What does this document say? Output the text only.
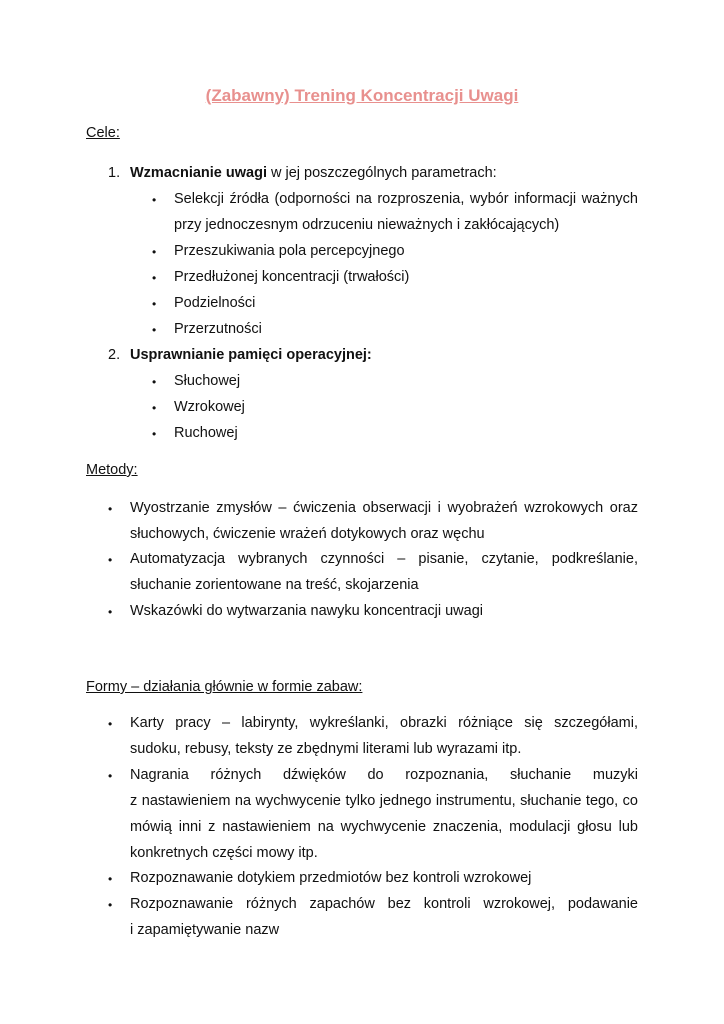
(Zabawny) Trening Koncentracji Uwagi
Cele:
1. Wzmacnianie uwagi w jej poszczególnych parametrach:
• Selekcji źródła (odporności na rozproszenia, wybór informacji ważnych
przy jednoczesnym odrzuceniu nieważnych i zakłócających)
• Przeszukiwania pola percepcyjnego
• Przedłużonej koncentracji (trwałości)
• Podzielności
• Przerzutności
2. Usprawnianie pamięci operacyjnej:
• Słuchowej
• Wzrokowej
• Ruchowej
Metody:
• Wyostrzanie zmysłów – ćwiczenia obserwacji i wyobrażeń wzrokowych oraz
słuchowych, ćwiczenie wrażeń dotykowych oraz węchu
• Automatyzacja wybranych czynności – pisanie, czytanie, podkreślanie,
słuchanie zorientowane na treść, skojarzenia
• Wskazówki do wytwarzania nawyku koncentracji uwagi
Formy – działania głównie w formie zabaw:
• Karty pracy – labirynty, wykreślanki, obrazki różniące się szczegółami,
sudoku, rebusy, teksty ze zbędnymi literami lub wyrazami itp.
• Nagrania różnych dźwięków do rozpoznania, słuchanie muzyki
z nastawieniem na wychwycenie tylko jednego instrumentu, słuchanie tego, co
mówią inni z nastawieniem na wychwycenie znaczenia, modulacji głosu lub
konkretnych części mowy itp.
• Rozpoznawanie dotykiem przedmiotów bez kontroli wzrokowej
• Rozpoznawanie różnych zapachów bez kontroli wzrokowej, podawanie
i zapamiętywanie nazw
